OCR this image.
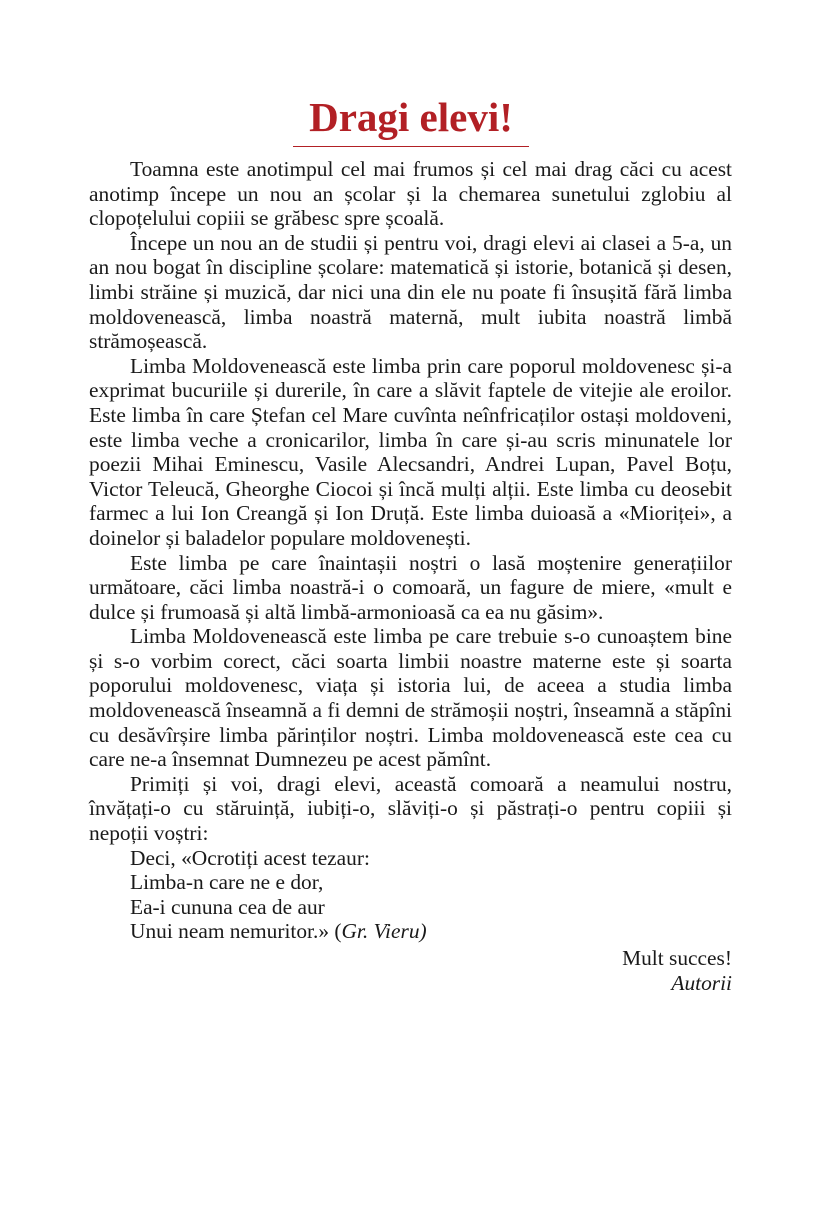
Dragi elevi!

Toamna este anotimpul cel mai frumos și cel mai drag căci cu acest anotimp începe un nou an școlar și la chemarea sunetului zglobiu al clopoțelului copiii se grăbesc spre școală.

Începe un nou an de studii și pentru voi, dragi elevi ai clasei a 5-a, un an nou bogat în discipline școlare: matematică și istorie, botanică și desen, limbi străine și muzică, dar nici una din ele nu poate fi însușită fără limba moldovenească, limba noastră maternă, mult iubita noastră limbă strămoșească.

Limba Moldovenească este limba prin care poporul moldovenesc și-a exprimat bucuriile și durerile, în care a slăvit faptele de vitejie ale eroilor. Este limba în care Ștefan cel Mare cuvînta neînfricaților ostași moldoveni, este limba veche a cronicarilor, limba în care și-au scris minunatele lor poezii Mihai Eminescu, Vasile Alecsandri, Andrei Lupan, Pavel Boțu, Victor Teleucă, Gheorghe Ciocoi și încă mulți alții. Este limba cu deosebit farmec a lui Ion Creangă și Ion Druță. Este limba duioasă a «Mioriței», a doinelor și baladelor populare moldovenești.

Este limba pe care înaintașii noștri o lasă moștenire generațiilor următoare, căci limba noastră-i o comoară, un fagure de miere, «mult e dulce și frumoasă și altă limbă-armonioasă ca ea nu găsim».

Limba Moldovenească este limba pe care trebuie s-o cunoaștem bine și s-o vorbim corect, căci soarta limbii noastre materne este și soarta poporului moldovenesc, viața și istoria lui, de aceea a studia limba moldovenească înseamnă a fi demni de strămoșii noștri, înseamnă a stăpîni cu desăvîrșire limba părinților noștri. Limba moldovenească este cea cu care ne-a însemnat Dumnezeu pe acest pămînt.

Primiți și voi, dragi elevi, această comoară a neamului nostru, învățați-o cu stăruință, iubiți-o, slăviți-o și păstrați-o pentru copiii și nepoții voștri:

Deci, «Ocrotiți acest tezaur:
Limba-n care ne e dor,
Ea-i cununa cea de aur
Unui neam nemuritor.» (Gr. Vieru)
Mult succes!
Autorii
